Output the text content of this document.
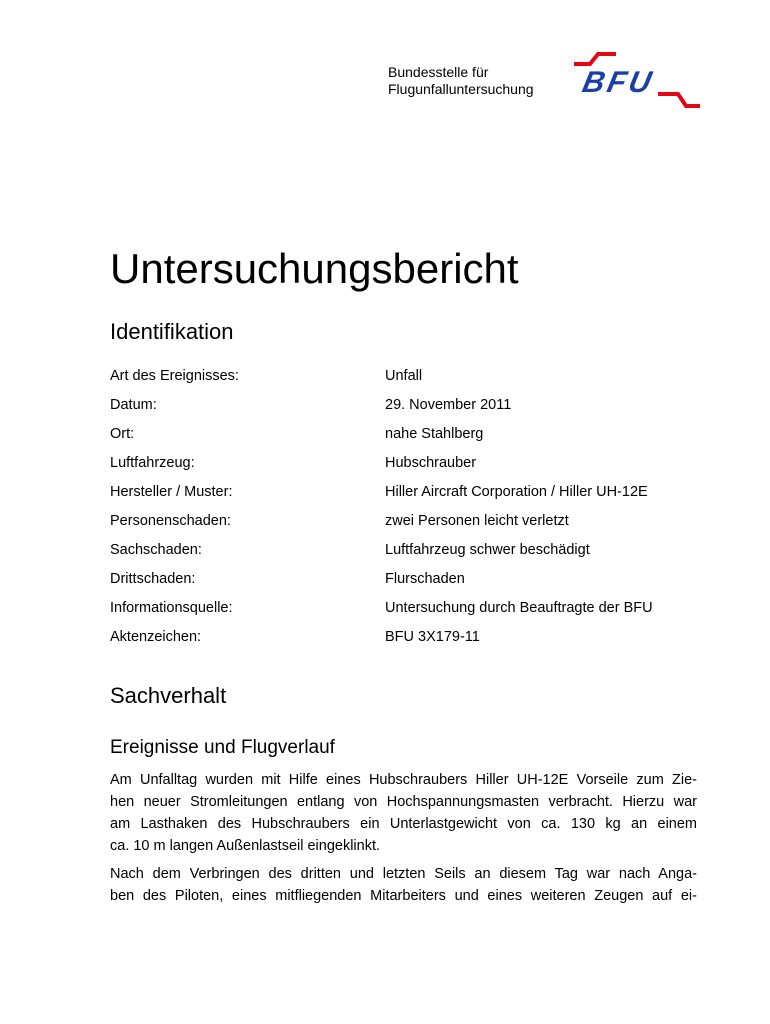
Bundesstelle für
Flugunfalluntersuchung BFU
Untersuchungsbericht
Identifikation
Art des Ereignisses:	Unfall
Datum:	29. November 2011
Ort:	nahe Stahlberg
Luftfahrzeug:	Hubschrauber
Hersteller / Muster:	Hiller Aircraft Corporation / Hiller UH-12E
Personenschaden:	zwei Personen leicht verletzt
Sachschaden:	Luftfahrzeug schwer beschädigt
Drittschaden:	Flurschaden
Informationsquelle:	Untersuchung durch Beauftragte der BFU
Aktenzeichen:	BFU 3X179-11
Sachverhalt
Ereignisse und Flugverlauf

Am Unfalltag wurden mit Hilfe eines Hubschraubers Hiller UH-12E Vorseile zum Zie-
hen neuer Stromleitungen entlang von Hochspannungsmasten verbracht. Hierzu war
am Lasthaken des Hubschraubers ein Unterlastgewicht von ca. 130 kg an einem
ca. 10 m langen Außenlastseil eingeklinkt.

Nach dem Verbringen des dritten und letzten Seils an diesem Tag war nach Anga-
ben des Piloten, eines mitfliegenden Mitarbeiters und eines weiteren Zeugen auf ei-
